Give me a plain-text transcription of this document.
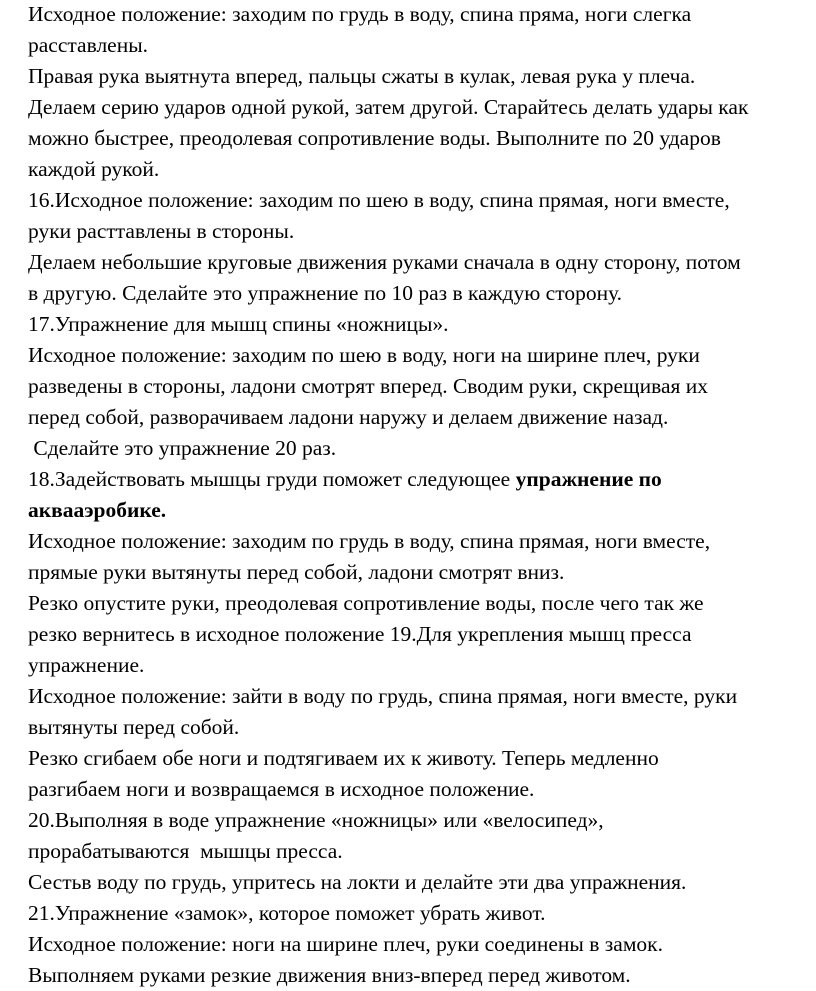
Исходное положение: заходим по грудь в воду, спина пряма, ноги слегка
расставлены.
Правая рука выятнута вперед, пальцы сжаты в кулак, левая рука у плеча.
Делаем серию ударов одной рукой, затем другой. Старайтесь делать удары как
можно быстрее, преодолевая сопротивление воды. Выполните по 20 ударов
каждой рукой.
16.Исходное положение: заходим по шею в воду, спина прямая, ноги вместе,
руки расттавлены в стороны.
Делаем небольшие круговые движения руками сначала в одну сторону, потом
в другую. Сделайте это упражнение по 10 раз в каждую сторону.
17.Упражнение для мышц спины «ножницы».
Исходное положение: заходим по шею в воду, ноги на ширине плеч, руки
разведены в стороны, ладони смотрят вперед. Сводим руки, скрещивая их
перед собой, разворачиваем ладони наружу и делаем движение назад.
Сделайте это упражнение 20 раз.
18.Задействовать мышцы груди поможет следующее упражнение по
аквааэробике.
Исходное положение: заходим по грудь в воду, спина прямая, ноги вместе,
прямые руки вытянуты перед собой, ладони смотрят вниз.
Резко опустите руки, преодолевая сопротивление воды, после чего так же
резко вернитесь в исходное положение 19.Для укрепления мышц пресса
упражнение.
Исходное положение: зайти в воду по грудь, спина прямая, ноги вместе, руки
вытянуты перед собой.
Резко сгибаем обе ноги и подтягиваем их к животу. Теперь медленно
разгибаем ноги и возвращаемся в исходное положение.
20.Выполняя в воде упражнение «ножницы» или «велосипед»,
прорабатываются  мышцы пресса.
Сестьв воду по грудь, упритесь на локти и делайте эти два упражнения.
21.Упражнение «замок», которое поможет убрать живот.
Исходное положение: ноги на ширине плеч, руки соединены в замок.
Выполняем руками резкие движения вниз-вперед перед животом.
